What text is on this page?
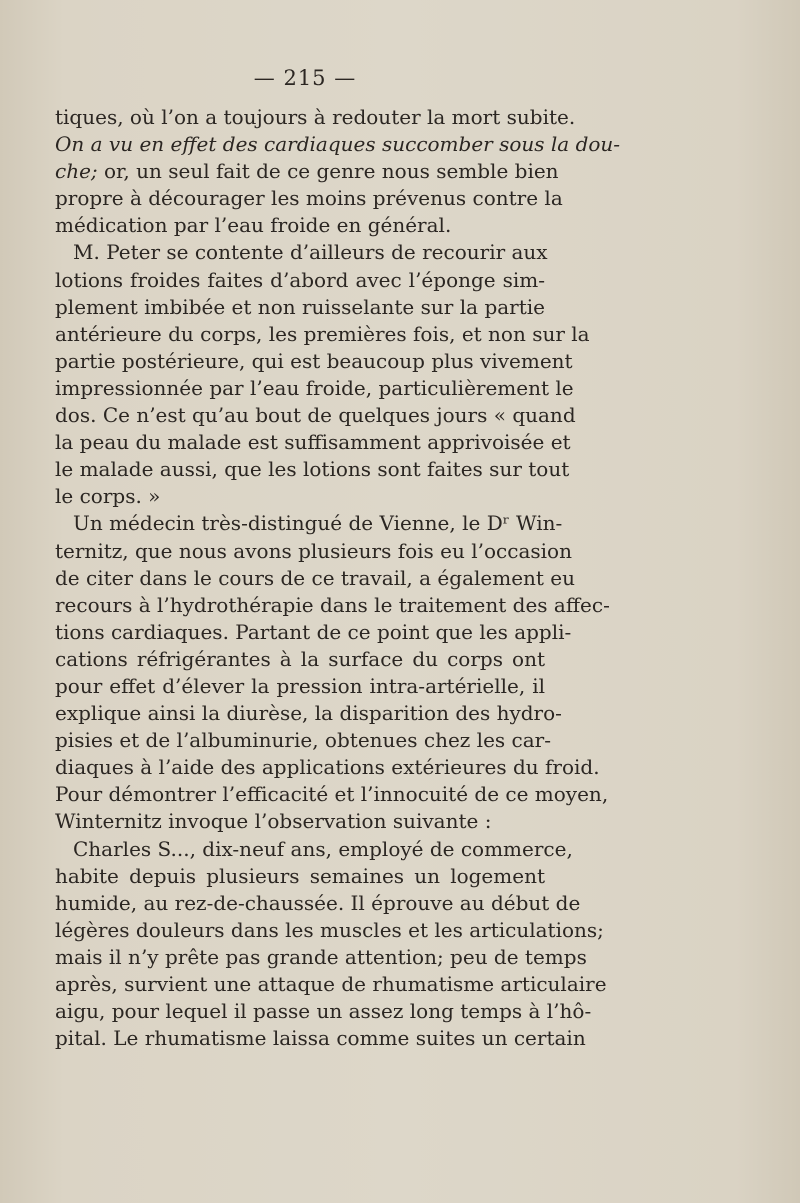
— 215 —
tiques, où l’on a toujours à redouter la mort subite.
On a vu en effet des cardiaques succomber sous la dou-
che; or, un seul fait de ce genre nous semble bien
propre à décourager les moins prévenus contre la
médication par l’eau froide en général.
M. Peter se contente d’ailleurs de recourir aux
lotions froides faites d’abord avec l’éponge sim-
plement imbibée et non ruisselante sur la partie
antérieure du corps, les premières fois, et non sur la
partie postérieure, qui est beaucoup plus vivement
impressionnée par l’eau froide, particulièrement le
dos. Ce n’est qu’au bout de quelques jours « quand
la peau du malade est suffisamment apprivoisée et
le malade aussi, que les lotions sont faites sur tout
le corps. »
Un médecin très-distingué de Vienne, le Dʳ Win-
ternitz, que nous avons plusieurs fois eu l’occasion
de citer dans le cours de ce travail, a également eu
recours à l’hydrothérapie dans le traitement des affec-
tions cardiaques. Partant de ce point que les appli-
cations réfrigérantes à la surface du corps ont
pour effet d’élever la pression intra-artérielle, il
explique ainsi la diurèse, la disparition des hydro-
pisies et de l’albuminurie, obtenues chez les car-
diaques à l’aide des applications extérieures du froid.
Pour démontrer l’efficacité et l’innocuité de ce moyen,
Winternitz invoque l’observation suivante :
Charles S..., dix-neuf ans, employé de commerce,
habite depuis plusieurs semaines un logement
humide, au rez-de-chaussée. Il éprouve au début de
légères douleurs dans les muscles et les articulations;
mais il n’y prête pas grande attention; peu de temps
après, survient une attaque de rhumatisme articulaire
aigu, pour lequel il passe un assez long temps à l’hô-
pital. Le rhumatisme laissa comme suites un certain
